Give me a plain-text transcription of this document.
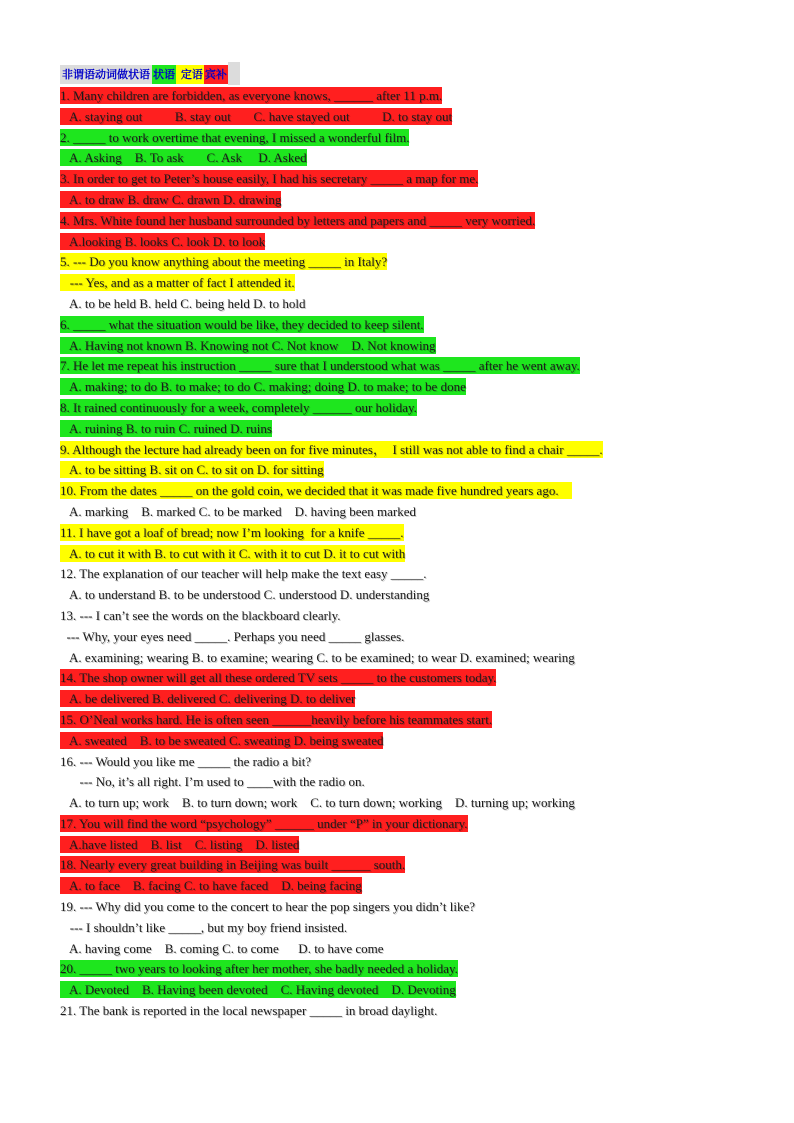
非谓语动词做状语 状语 定语 宾补
1. Many children are forbidden, as everyone knows, ______ after 11 p.m.
A. staying out          B. stay out       C. have stayed out          D. to stay out
2. _____ to work overtime that evening, I missed a wonderful film.
A. Asking    B. To ask       C. Ask     D. Asked
3. In order to get to Peter’s house easily, I had his secretary _____ a map for me.
A. to draw B. draw C. drawn D. drawing
4. Mrs. White found her husband surrounded by letters and papers and _____ very worried.
A.looking B. looks C. look D. to look
5. --- Do you know anything about the meeting _____ in Italy?
--- Yes, and as a matter of fact I attended it.
A. to be held B. held C. being held D. to hold
6. _____ what the situation would be like, they decided to keep silent.
A. Having not known B. Knowing not C. Not know    D. Not knowing
7. He let me repeat his instruction _____ sure that I understood what was _____ after he went away.
A. making; to do B. to make; to do C. making; doing D. to make; to be done
8. It rained continuously for a week, completely ______ our holiday.
A. ruining B. to ruin C. ruined D. ruins
9. Although the lecture had already been on for five minutes，  I still was not able to find a chair _____.
A. to be sitting B. sit on C. to sit on D. for sitting
10. From the dates _____ on the gold coin, we decided that it was made five hundred years ago.
A. marking    B. marked C. to be marked    D. having been marked
11. I have got a loaf of bread; now I’m looking  for a knife _____.
A. to cut it with B. to cut with it C. with it to cut D. it to cut with
12. The explanation of our teacher will help make the text easy _____.
A. to understand B. to be understood C. understood D. understanding
13. --- I can’t see the words on the blackboard clearly.
--- Why, your eyes need _____. Perhaps you need _____ glasses.
A. examining; wearing B. to examine; wearing C. to be examined; to wear D. examined; wearing
14. The shop owner will get all these ordered TV sets _____ to the customers today.
A. be delivered B. delivered C. delivering D. to deliver
15. O’Neal works hard. He is often seen ______heavily before his teammates start.
A. sweated    B. to be sweated C. sweating D. being sweated
16. --- Would you like me _____ the radio a bit?
--- No, it’s all right. I’m used to ____with the radio on.
A. to turn up; work    B. to turn down; work    C. to turn down; working    D. turning up; working
17. You will find the word “psychology” ______ under “P” in your dictionary.
A.have listed    B. list    C. listing    D. listed
18. Nearly every great building in Beijing was built ______ south.
A. to face    B. facing C. to have faced    D. being facing
19. --- Why did you come to the concert to hear the pop singers you didn’t like?
--- I shouldn’t like _____, but my boy friend insisted.
A. having come    B. coming C. to come      D. to have come
20. _____ two years to looking after her mother, she badly needed a holiday.
A. Devoted    B. Having been devoted    C. Having devoted    D. Devoting
21. The bank is reported in the local newspaper _____ in broad daylight.
